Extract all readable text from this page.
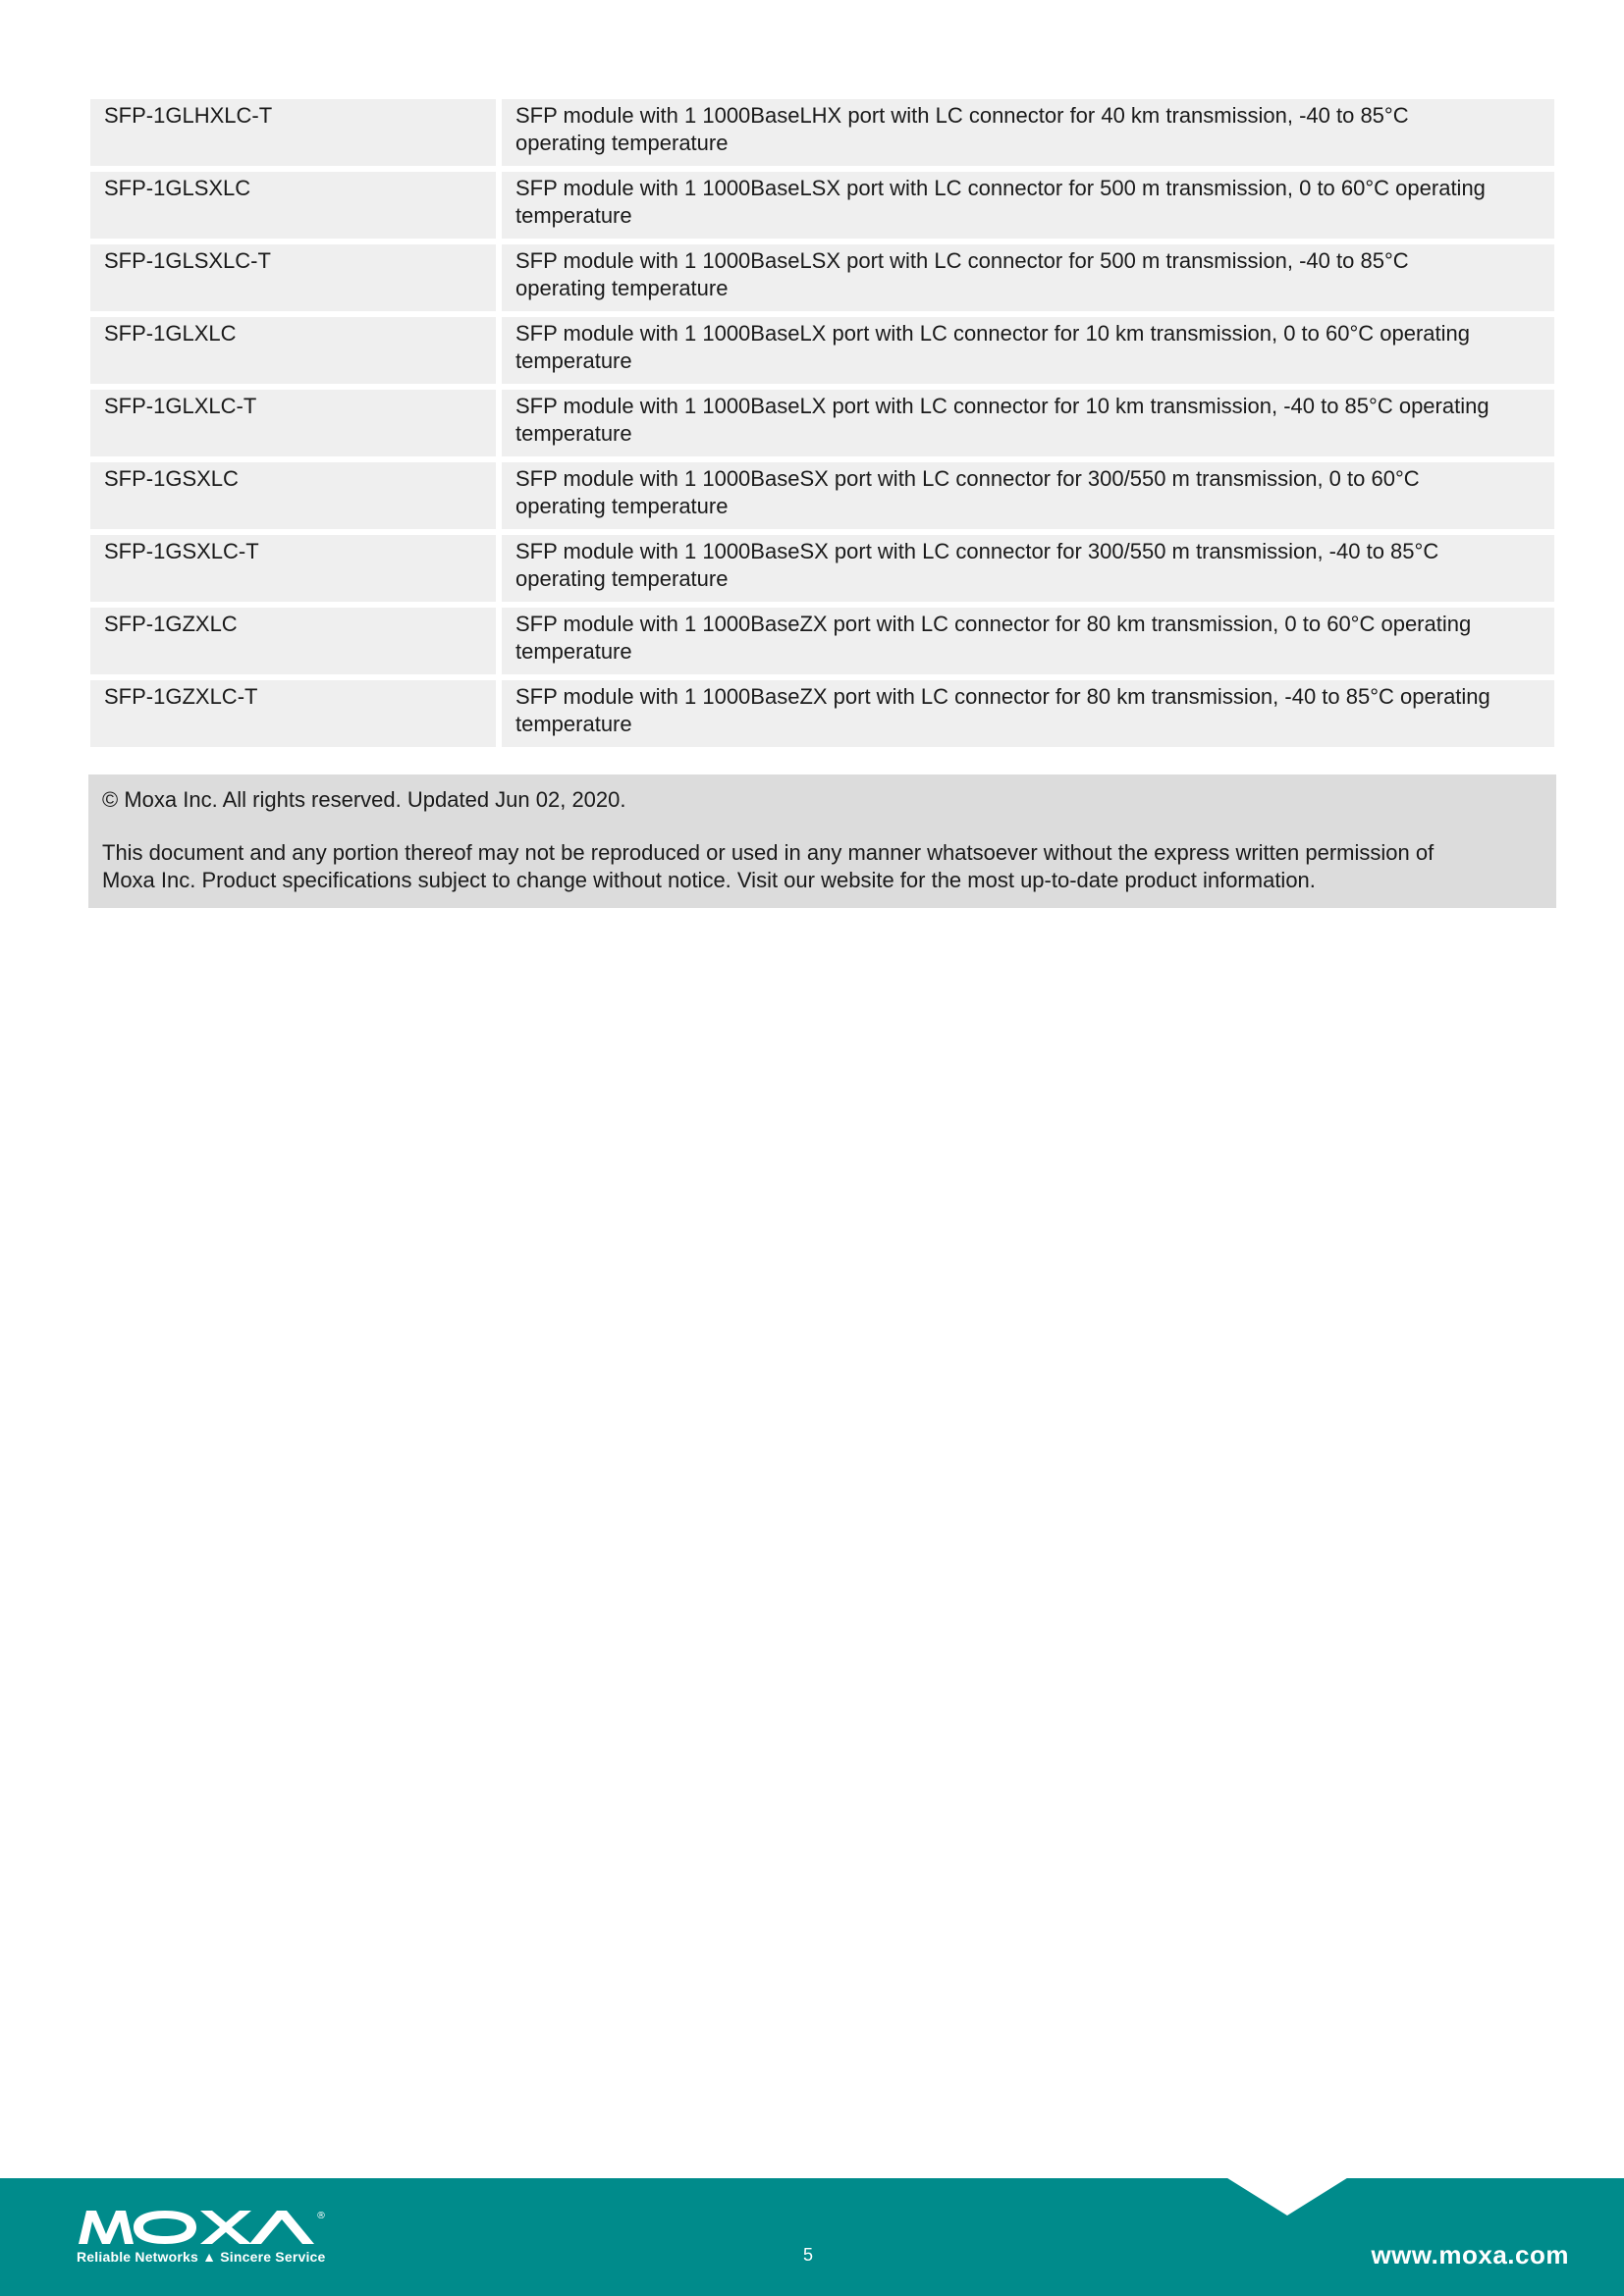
SFP-1GLHXLC-T	SFP module with 1 1000BaseLHX port with LC connector for 40 km transmission, -40 to 85°C
operating temperature
SFP-1GLSXLC	SFP module with 1 1000BaseLSX port with LC connector for 500 m transmission, 0 to 60°C operating
temperature
SFP-1GLSXLC-T	SFP module with 1 1000BaseLSX port with LC connector for 500 m transmission, -40 to 85°C
operating temperature
SFP-1GLXLC	SFP module with 1 1000BaseLX port with LC connector for 10 km transmission, 0 to 60°C operating
temperature
SFP-1GLXLC-T	SFP module with 1 1000BaseLX port with LC connector for 10 km transmission, -40 to 85°C operating
temperature
SFP-1GSXLC	SFP module with 1 1000BaseSX port with LC connector for 300/550 m transmission, 0 to 60°C
operating temperature
SFP-1GSXLC-T	SFP module with 1 1000BaseSX port with LC connector for 300/550 m transmission, -40 to 85°C
operating temperature
SFP-1GZXLC	SFP module with 1 1000BaseZX port with LC connector for 80 km transmission, 0 to 60°C operating
temperature
SFP-1GZXLC-T	SFP module with 1 1000BaseZX port with LC connector for 80 km transmission, -40 to 85°C operating
temperature

© Moxa Inc. All rights reserved. Updated Jun 02, 2020.

This document and any portion thereof may not be reproduced or used in any manner whatsoever without the express written permission of
Moxa Inc. Product specifications subject to change without notice. Visit our website for the most up-to-date product information.

®
Reliable Networks ▲ Sincere Service	5	www.moxa.com
